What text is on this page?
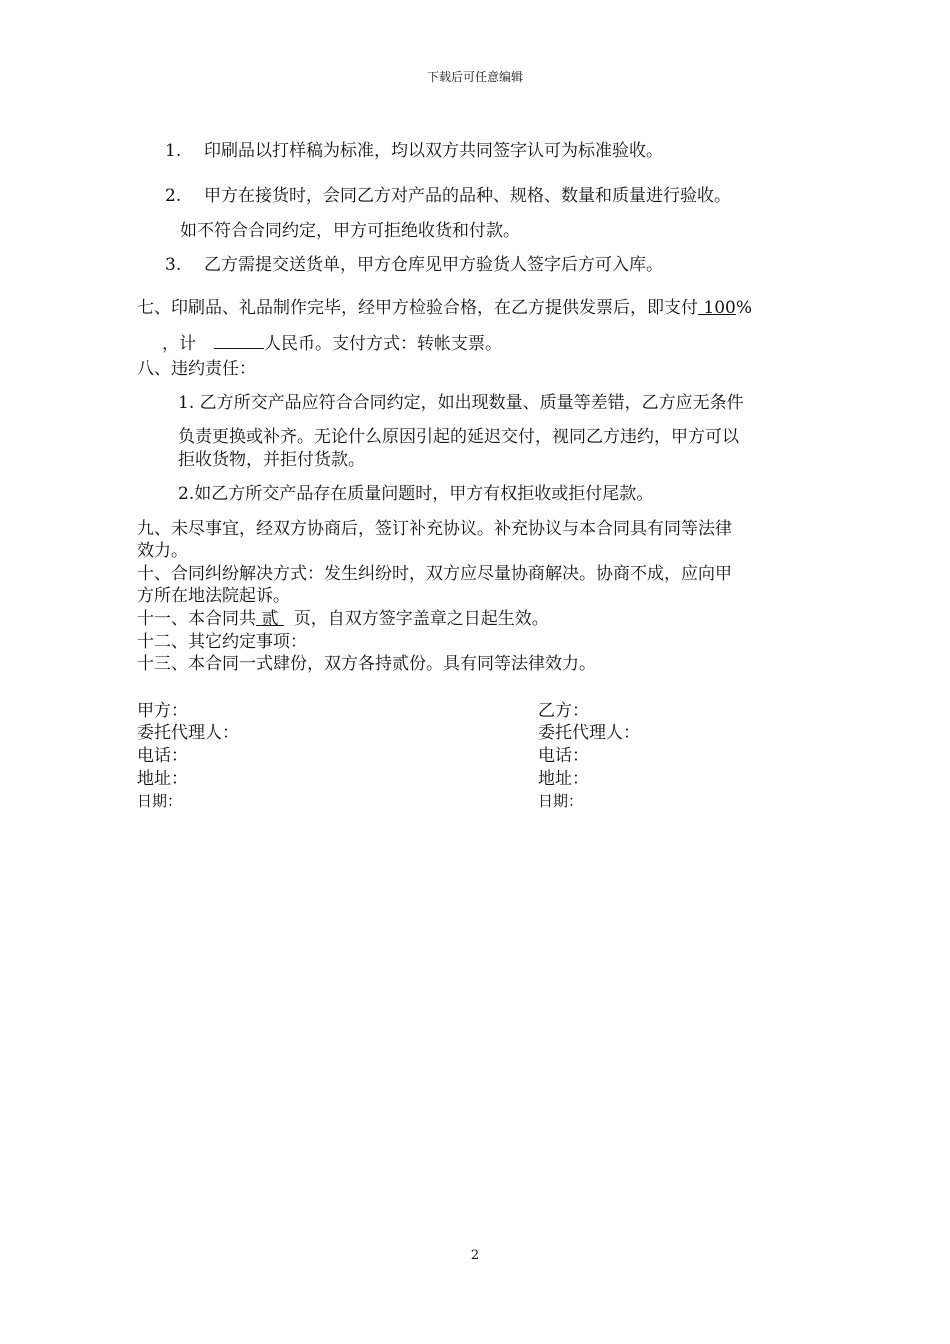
下载后可任意编辑
1. 印刷品以打样稿为标准，均以双方共同签字认可为标准验收。
2. 甲方在接货时，会同乙方对产品的品种、规格、数量和质量进行验收。
如不符合合同约定，甲方可拒绝收货和付款。
3. 乙方需提交送货单，甲方仓库见甲方验货人签字后方可入库。
七、印刷品、礼品制作完毕，经甲方检验合格，在乙方提供发票后，即支付 100%
，计	人民币。支付方式：转帐支票。
八、违约责任：
1. 乙方所交产品应符合合同约定，如出现数量、质量等差错，乙方应无条件
负责更换或补齐。无论什么原因引起的延迟交付，视同乙方违约，甲方可以
拒收货物，并拒付货款。
2.如乙方所交产品存在质量问题时，甲方有权拒收或拒付尾款。
九、未尽事宜，经双方协商后，签订补充协议。补充协议与本合同具有同等法律
效力。
十、合同纠纷解决方式：发生纠纷时，双方应尽量协商解决。协商不成，应向甲
方所在地法院起诉。
十一、本合同共 贰 页，自双方签字盖章之日起生效。
十二、其它约定事项：
十三、本合同一式肆份，双方各持贰份。具有同等法律效力。
甲方：
委托代理人：
电话：
地址：
日期：
乙方：
委托代理人：
电话：
地址：
日期：
2
